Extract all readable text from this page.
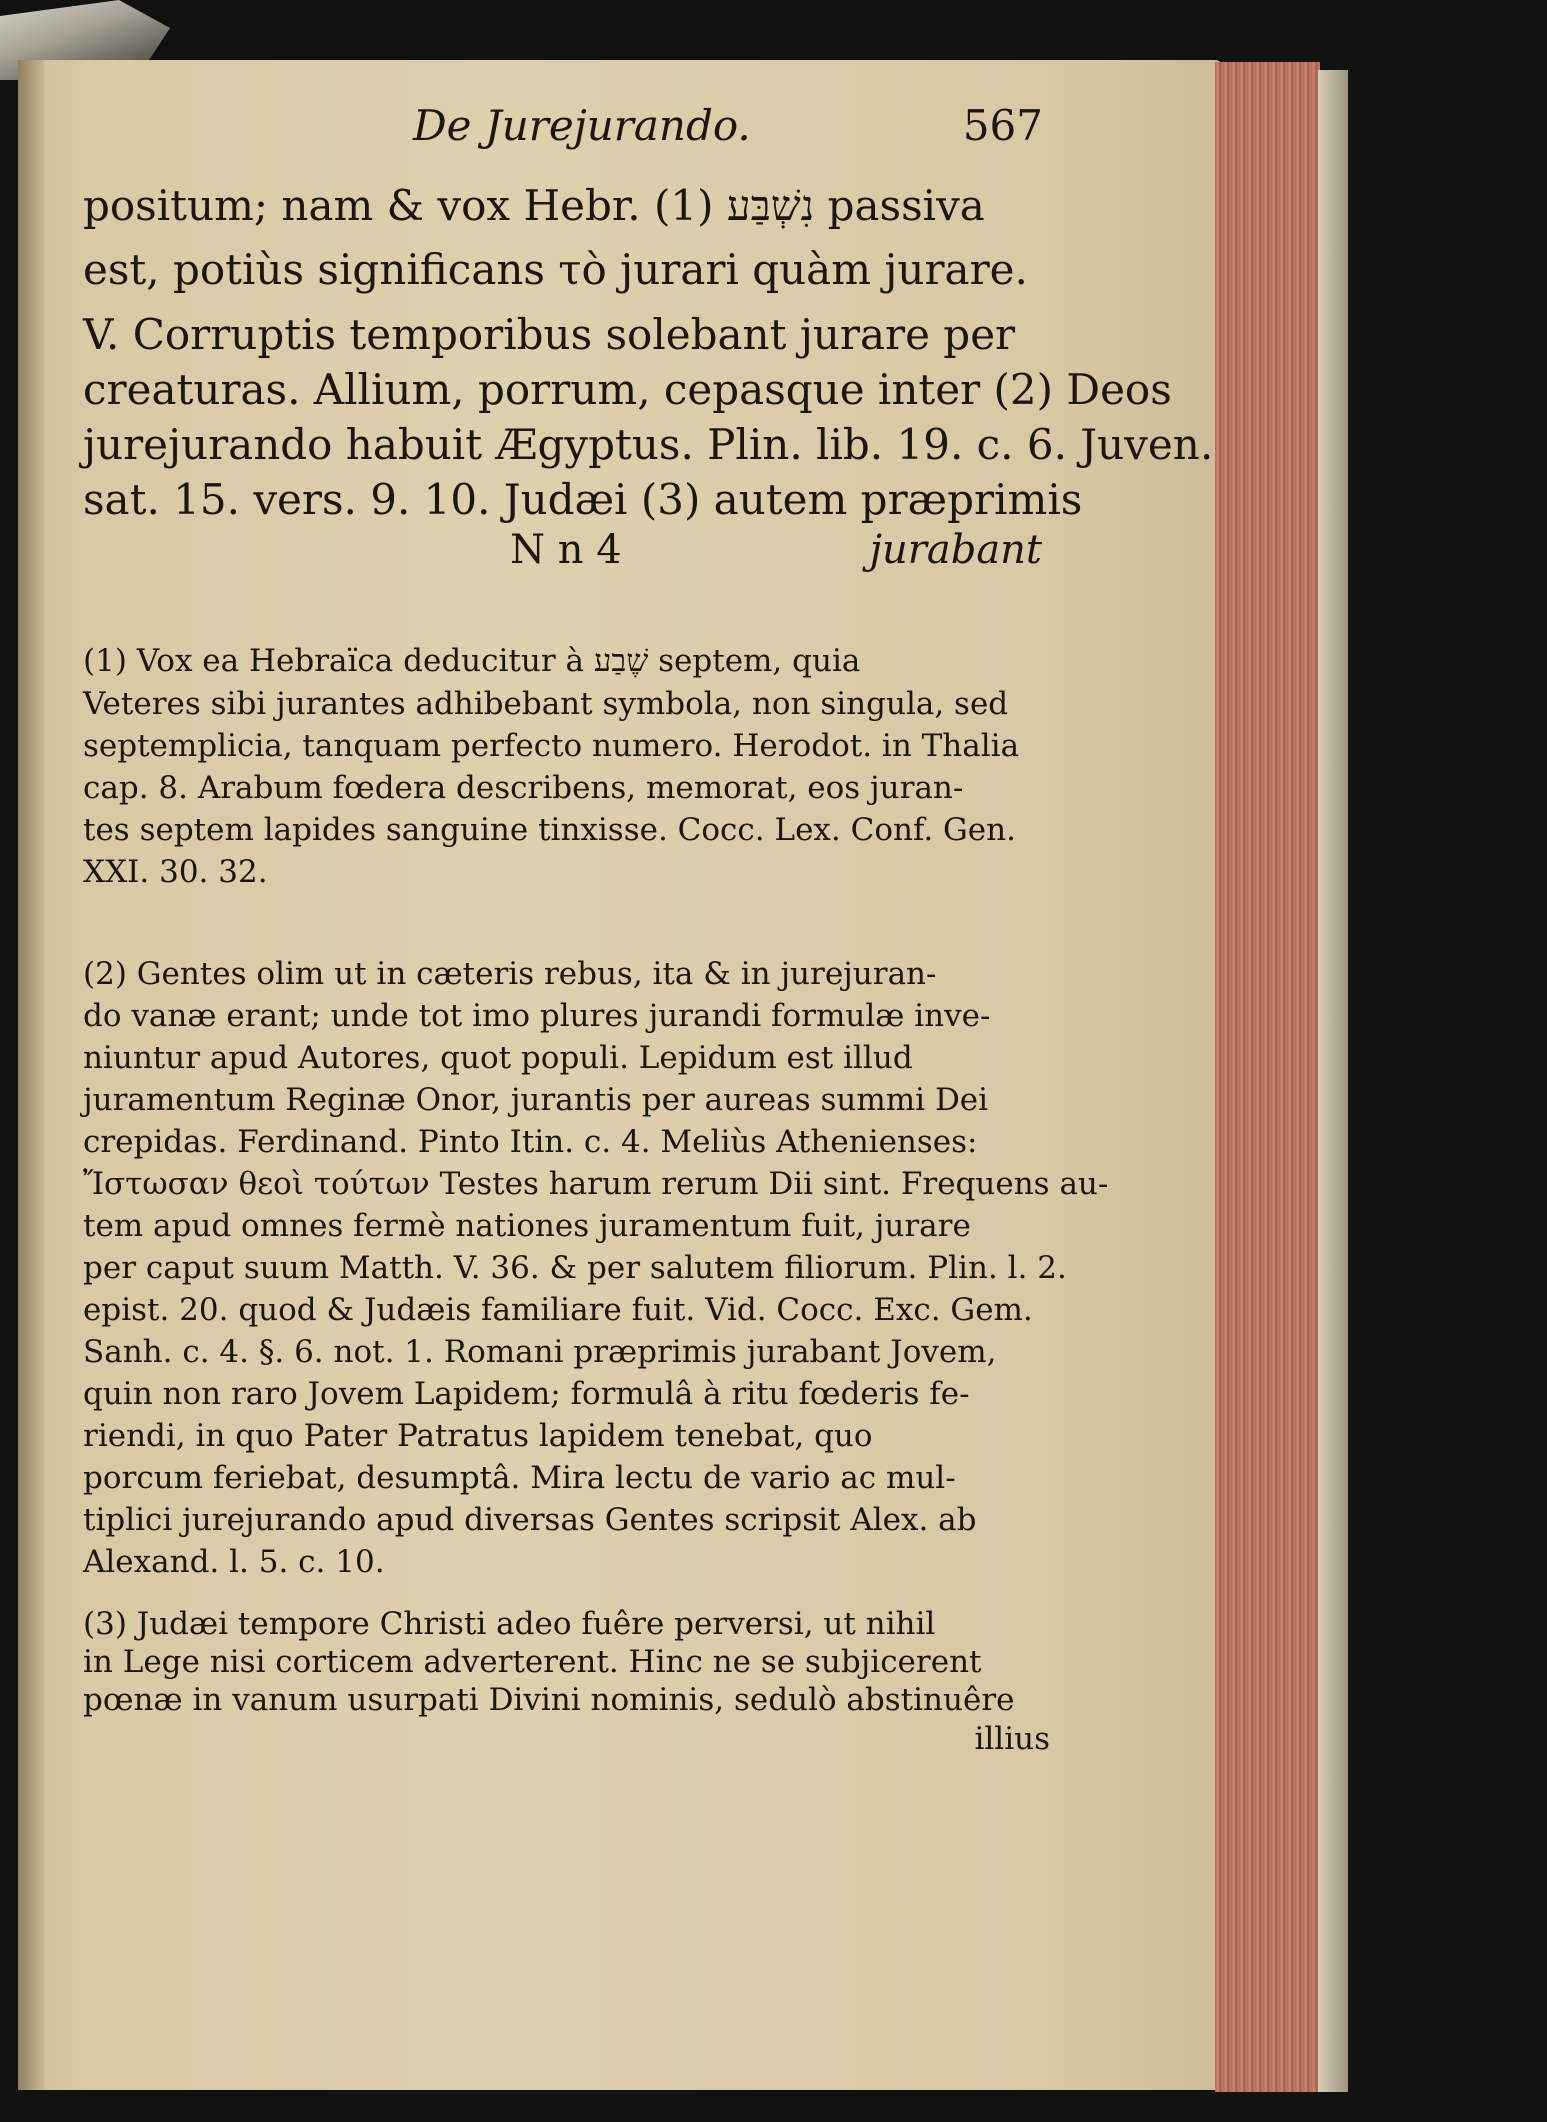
De Jurejurando.	567
positum; nam & vox Hebr. נִשְׁבַּע (1) passiva
est, potiùs significans τὸ jurari quàm jurare.
V. Corruptis temporibus solebant jurare per
creaturas. Allium, porrum, cepasque inter (2) Deos
jurejurando habuit Ægyptus. Plin. lib. 19. c. 6. Juven.
sat. 15. vers. 9. 10. Judæi (3) autem præprimis
N n 4	jurabant
(1) Vox ea Hebraïca deducitur à שֶׁבַע septem, quia
Veteres sibi jurantes adhibebant symbola, non singula, sed
septemplicia, tanquam perfecto numero. Herodot. in Thalia
cap. 8. Arabum fœdera describens, memorat, eos juran-
tes septem lapides sanguine tinxisse. Cocc. Lex. Conf. Gen.
XXI. 30. 32.
(2) Gentes olim ut in cæteris rebus, ita & in jurejuran-
do vanæ erant; unde tot imo plures jurandi formulæ inve-
niuntur apud Autores, quot populi. Lepidum est illud
juramentum Reginæ Onor, jurantis per aureas summi Dei
crepidas. Ferdinand. Pinto Itin. c. 4. Meliùs Athenienses:
Ἴστωσαν θεοὶ τούτων Testes harum rerum Dii sint. Frequens au-
tem apud omnes fermè nationes juramentum fuit, jurare
per caput suum Matth. V. 36. & per salutem filiorum. Plin. l. 2.
epist. 20. quod & Judæis familiare fuit. Vid. Cocc. Exc. Gem.
Sanh. c. 4. §. 6. not. 1. Romani præprimis jurabant Jovem,
quin non raro Jovem Lapidem; formulâ à ritu fœderis fe-
riendi, in quo Pater Patratus lapidem tenebat, quo
porcum feriebat, desumptâ. Mira lectu de vario ac mul-
tiplici jurejurando apud diversas Gentes scripsit Alex. ab
Alexand. l. 5. c. 10.
(3) Judæi tempore Christi adeo fuêre perversi, ut nihil
in Lege nisi corticem adverterent. Hinc ne se subjicerent
pœnæ in vanum usurpati Divini nominis, sedulò abstinuêre
illius
